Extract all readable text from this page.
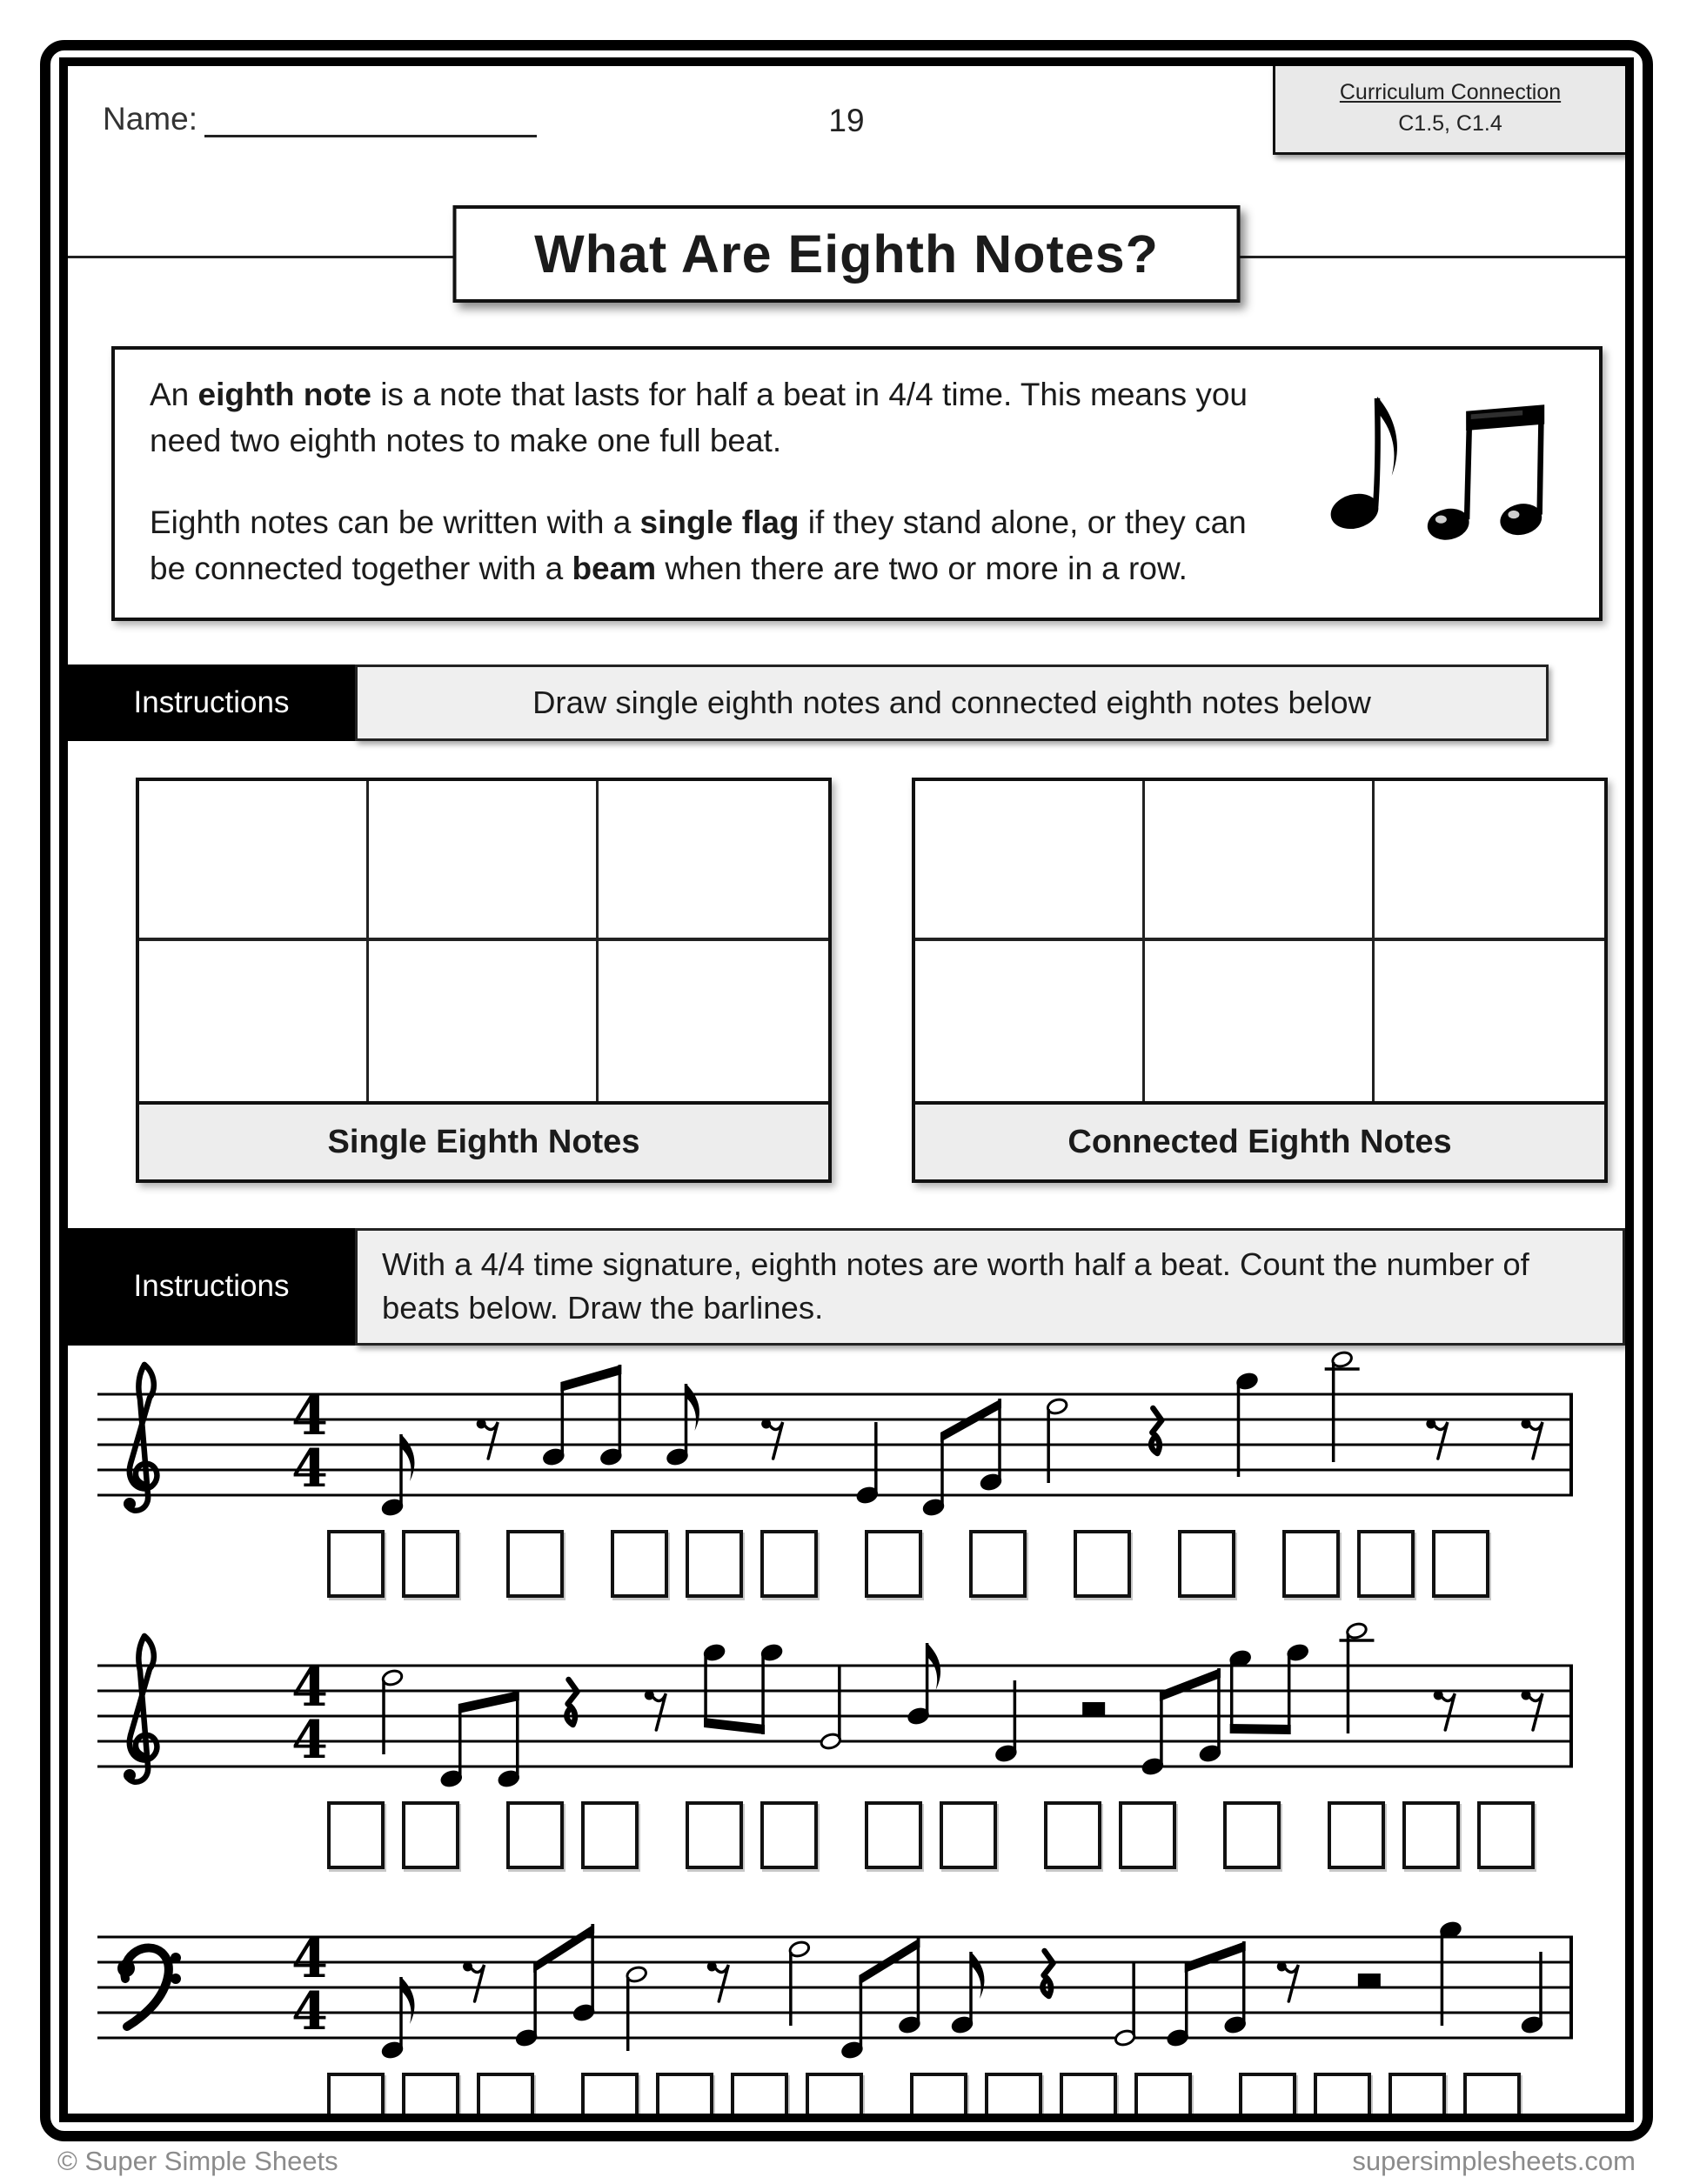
Name:	19
Curriculum Connection
C1.5, C1.4
What Are Eighth Notes?

An eighth note is a note that lasts for half a beat in 4/4 time. This means you need two eighth notes to make one full beat.

Eighth notes can be written with a single flag if they stand alone, or they can be connected together with a beam when there are two or more in a row.

Instructions	Draw single eighth notes and connected eighth notes below
Single Eighth Notes	Connected Eighth Notes
Instructions
With a 4/4 time signature, eighth notes are worth half a beat. Count the number of beats below. Draw the barlines.
4
4
4
4
4
4
© Super Simple Sheets	supersimplesheets.com
